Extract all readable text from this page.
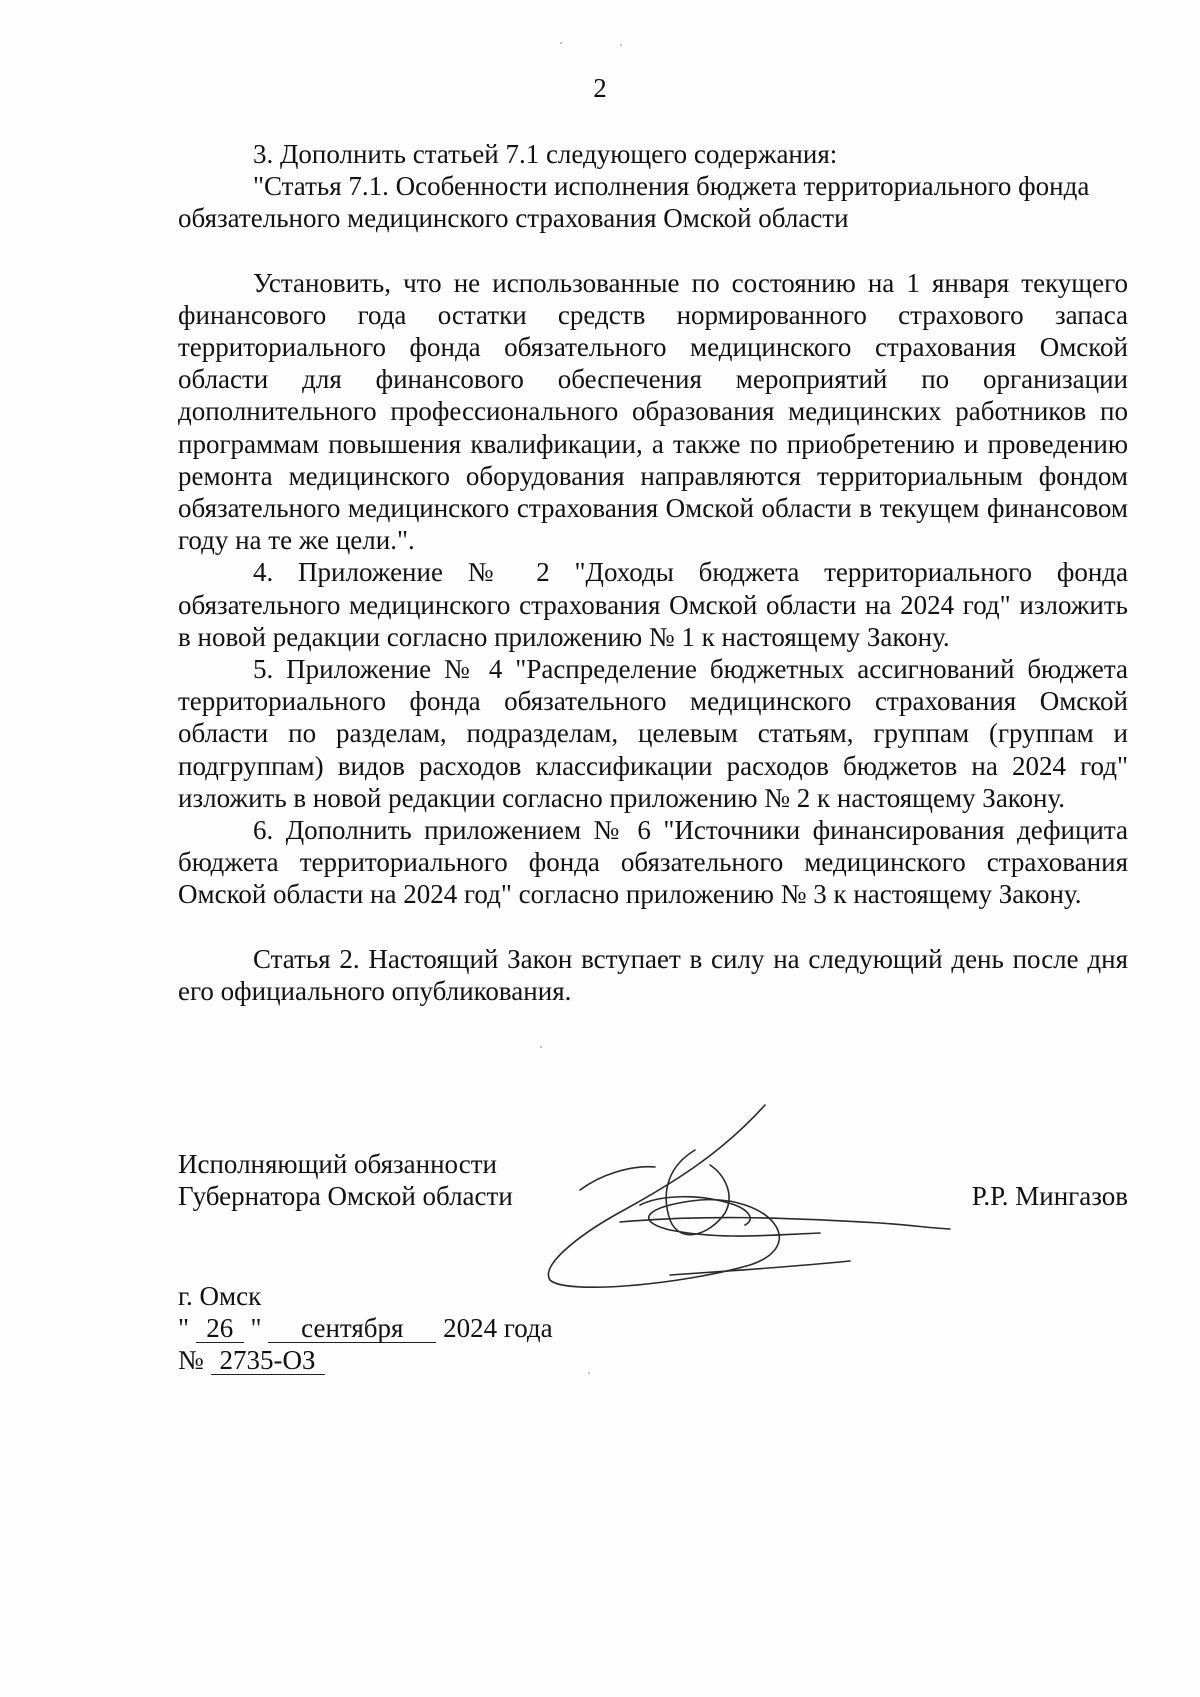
2

3. Дополнить статьей 7.1 следующего содержания:

"Статья 7.1. Особенности исполнения бюджета территориального фонда обязательного медицинского страхования Омской области

Установить, что не использованные по состоянию на 1 января текущего финансового года остатки средств нормированного страхового запаса территориального фонда обязательного медицинского страхования Омской области для финансового обеспечения мероприятий по организации дополнительного профессионального образования медицинских работников по программам повышения квалификации, а также по приобретению и проведению ремонта медицинского оборудования направляются территориальным фондом обязательного медицинского страхования Омской области в текущем финансовом году на те же цели.".

4. Приложение № 2 "Доходы бюджета территориального фонда обязательного медицинского страхования Омской области на 2024 год" изложить в новой редакции согласно приложению № 1 к настоящему Закону.

5. Приложение № 4 "Распределение бюджетных ассигнований бюджета территориального фонда обязательного медицинского страхования Омской области по разделам, подразделам, целевым статьям, группам (группам и подгруппам) видов расходов классификации расходов бюджетов на 2024 год" изложить в новой редакции согласно приложению № 2 к настоящему Закону.

6. Дополнить приложением № 6 "Источники финансирования дефицита бюджета территориального фонда обязательного медицинского страхования Омской области на 2024 год" согласно приложению № 3 к настоящему Закону.

Статья 2. Настоящий Закон вступает в силу на следующий день после дня его официального опубликования.

Исполняющий обязанности
Губернатора Омской области	Р.Р. Мингазов
г. Омск
" 26 " сентября 2024 года
№ 2735-ОЗ
